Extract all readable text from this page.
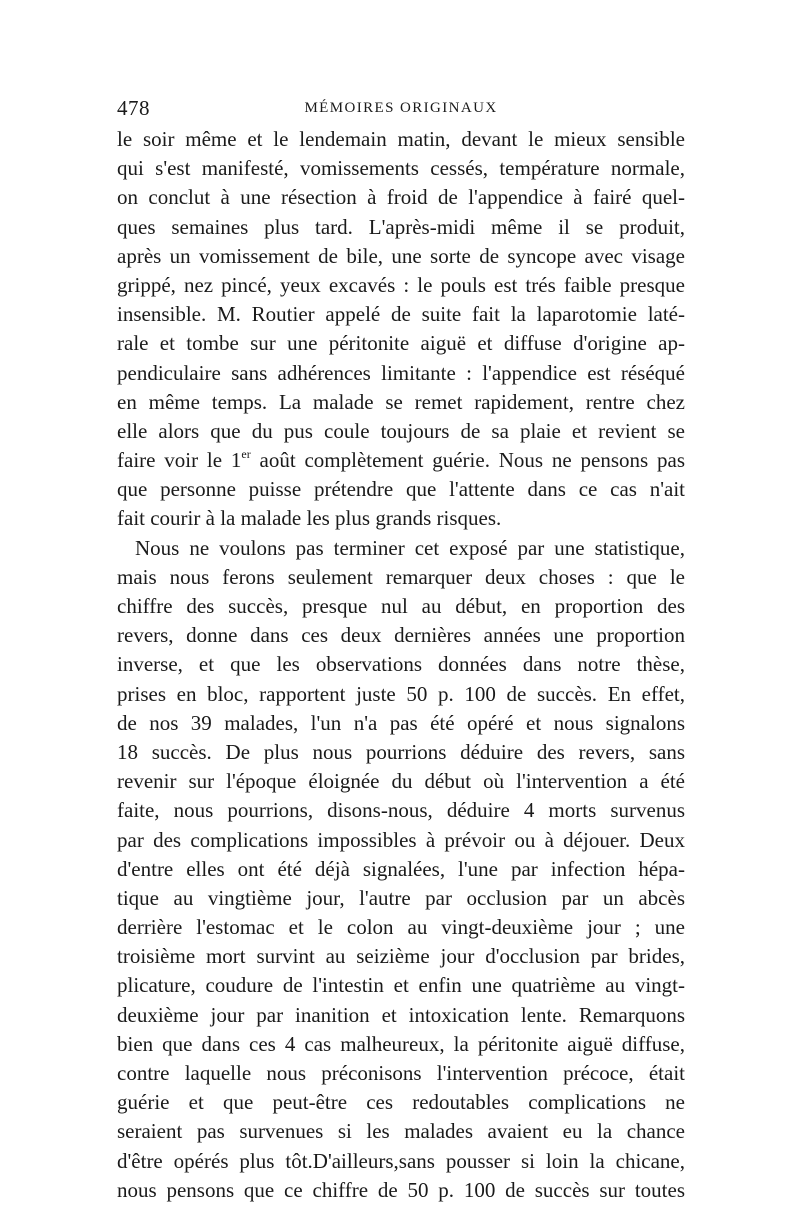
478	MÉMOIRES ORIGINAUX
le soir même et le lendemain matin, devant le mieux sensible
qui s'est manifesté, vomissements cessés, température normale,
on conclut à une résection à froid de l'appendice à fairé quel-
ques semaines plus tard. L'après-midi même il se produit,
après un vomissement de bile, une sorte de syncope avec visage
grippé, nez pincé, yeux excavés : le pouls est trés faible presque
insensible. M. Routier appelé de suite fait la laparotomie laté-
rale et tombe sur une péritonite aiguë et diffuse d'origine ap-
pendiculaire sans adhérences limitante : l'appendice est réséqué
en même temps. La malade se remet rapidement, rentre chez
elle alors que du pus coule toujours de sa plaie et revient se
faire voir le 1er août complètement guérie. Nous ne pensons pas
que personne puisse prétendre que l'attente dans ce cas n'ait
fait courir à la malade les plus grands risques.
Nous ne voulons pas terminer cet exposé par une statistique,
mais nous ferons seulement remarquer deux choses : que le
chiffre des succès, presque nul au début, en proportion des
revers, donne dans ces deux dernières années une proportion
inverse, et que les observations données dans notre thèse,
prises en bloc, rapportent juste 50 p. 100 de succès. En effet,
de nos 39 malades, l'un n'a pas été opéré et nous signalons
18 succès. De plus nous pourrions déduire des revers, sans
revenir sur l'époque éloignée du début où l'intervention a été
faite, nous pourrions, disons-nous, déduire 4 morts survenus
par des complications impossibles à prévoir ou à déjouer. Deux
d'entre elles ont été déjà signalées, l'une par infection hépa-
tique au vingtième jour, l'autre par occlusion par un abcès
derrière l'estomac et le colon au vingt-deuxième jour ; une
troisième mort survint au seizième jour d'occlusion par brides,
plicature, coudure de l'intestin et enfin une quatrième au vingt-
deuxième jour par inanition et intoxication lente. Remarquons
bien que dans ces 4 cas malheureux, la péritonite aiguë diffuse,
contre laquelle nous préconisons l'intervention précoce, était
guérie et que peut-être ces redoutables complications ne
seraient pas survenues si les malades avaient eu la chance
d'être opérés plus tôt.D'ailleurs,sans pousser si loin la chicane,
nous pensons que ce chiffre de 50 p. 100 de succès sur toutes
